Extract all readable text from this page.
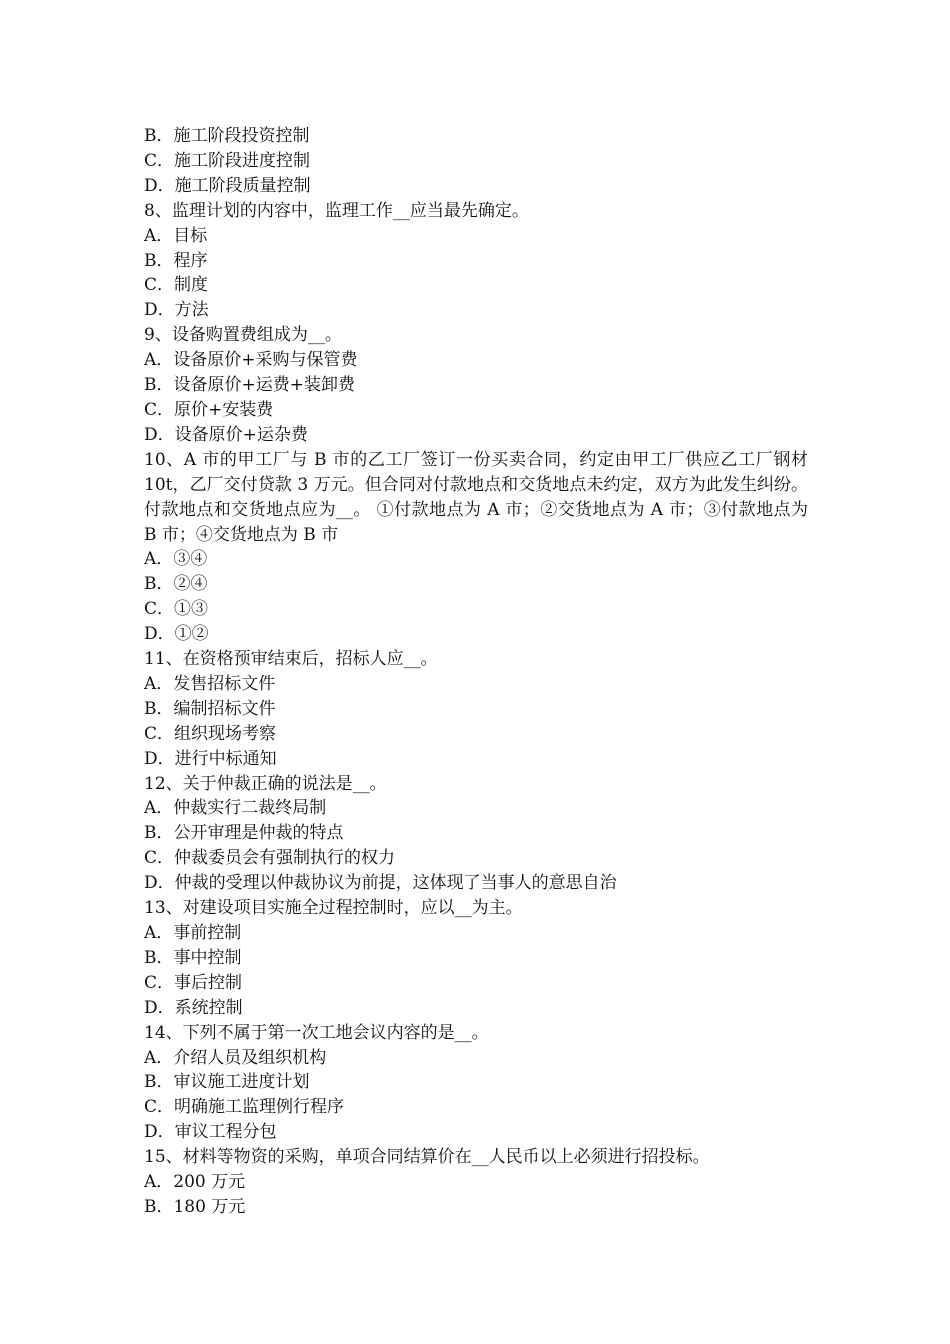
B．施工阶段投资控制

C．施工阶段进度控制

D．施工阶段质量控制

8、监理计划的内容中，监理工作__应当最先确定。

A．目标

B．程序

C．制度

D．方法

9、设备购置费组成为__。

A．设备原价+采购与保管费

B．设备原价+运费+装卸费

C．原价+安装费

D．设备原价+运杂费

10、A 市的甲工厂与 B 市的乙工厂签订一份买卖合同，约定由甲工厂供应乙工厂钢材 10t，乙厂交付贷款 3 万元。但合同对付款地点和交货地点未约定，双方为此发生纠纷。付款地点和交货地点应为__。 ①付款地点为 A 市；②交货地点为 A 市；③付款地点为 B 市；④交货地点为 B 市

A．③④

B．②④

C．①③

D．①②

11、在资格预审结束后，招标人应__。

A．发售招标文件

B．编制招标文件

C．组织现场考察

D．进行中标通知

12、关于仲裁正确的说法是__。

A．仲裁实行二裁终局制

B．公开审理是仲裁的特点

C．仲裁委员会有强制执行的权力

D．仲裁的受理以仲裁协议为前提，这体现了当事人的意思自治

13、对建设项目实施全过程控制时，应以__为主。

A．事前控制

B．事中控制

C．事后控制

D．系统控制

14、下列不属于第一次工地会议内容的是__。

A．介绍人员及组织机构

B．审议施工进度计划

C．明确施工监理例行程序

D．审议工程分包

15、材料等物资的采购，单项合同结算价在__人民币以上必须进行招投标。

A．200 万元

B．180 万元
